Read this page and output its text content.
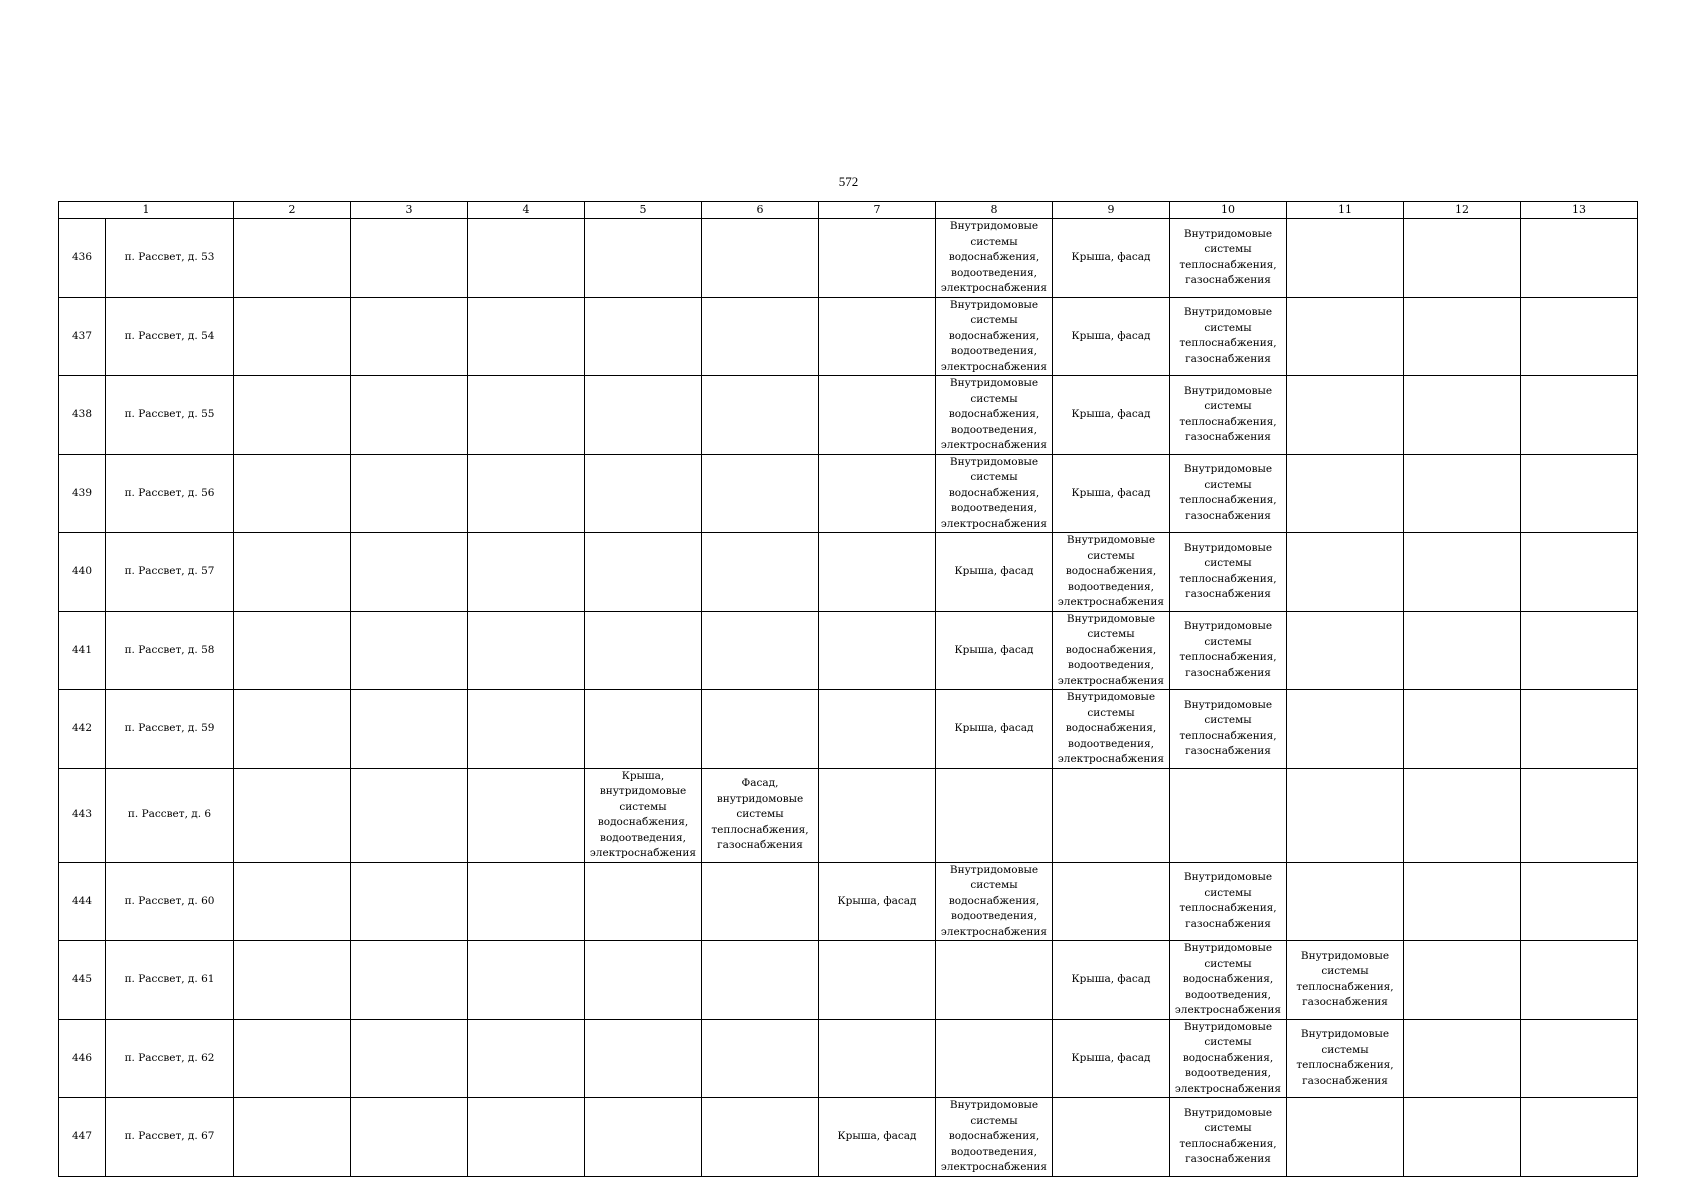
572
1		2	3	4	5	6	7	8	9	10	11	12	13
436	п. Рассвет, д. 53							Внутридомовые системы водоснабжения, водоотведения, электроснабжения	Крыша, фасад	Внутридомовые системы теплоснабжения, газоснабжения			
437	п. Рассвет, д. 54							Внутридомовые системы водоснабжения, водоотведения, электроснабжения	Крыша, фасад	Внутридомовые системы теплоснабжения, газоснабжения			
438	п. Рассвет, д. 55							Внутридомовые системы водоснабжения, водоотведения, электроснабжения	Крыша, фасад	Внутридомовые системы теплоснабжения, газоснабжения			
439	п. Рассвет, д. 56							Внутридомовые системы водоснабжения, водоотведения, электроснабжения	Крыша, фасад	Внутридомовые системы теплоснабжения, газоснабжения			
440	п. Рассвет, д. 57							Крыша, фасад	Внутридомовые системы водоснабжения, водоотведения, электроснабжения	Внутридомовые системы теплоснабжения, газоснабжения			
441	п. Рассвет, д. 58							Крыша, фасад	Внутридомовые системы водоснабжения, водоотведения, электроснабжения	Внутридомовые системы теплоснабжения, газоснабжения			
442	п. Рассвет, д. 59							Крыша, фасад	Внутридомовые системы водоснабжения, водоотведения, электроснабжения	Внутридомовые системы теплоснабжения, газоснабжения			
443	п. Рассвет, д. 6				Крыша, внутридомовые системы водоснабжения, водоотведения, электроснабжения	Фасад, внутридомовые системы теплоснабжения, газоснабжения							
444	п. Рассвет, д. 60						Крыша, фасад	Внутридомовые системы водоснабжения, водоотведения, электроснабжения		Внутридомовые системы теплоснабжения, газоснабжения			
445	п. Рассвет, д. 61								Крыша, фасад	Внутридомовые системы водоснабжения, водоотведения, электроснабжения	Внутридомовые системы теплоснабжения, газоснабжения		
446	п. Рассвет, д. 62								Крыша, фасад	Внутридомовые системы водоснабжения, водоотведения, электроснабжения	Внутридомовые системы теплоснабжения, газоснабжения		
447	п. Рассвет, д. 67						Крыша, фасад	Внутридомовые системы водоснабжения, водоотведения, электроснабжения		Внутридомовые системы теплоснабжения, газоснабжения			
